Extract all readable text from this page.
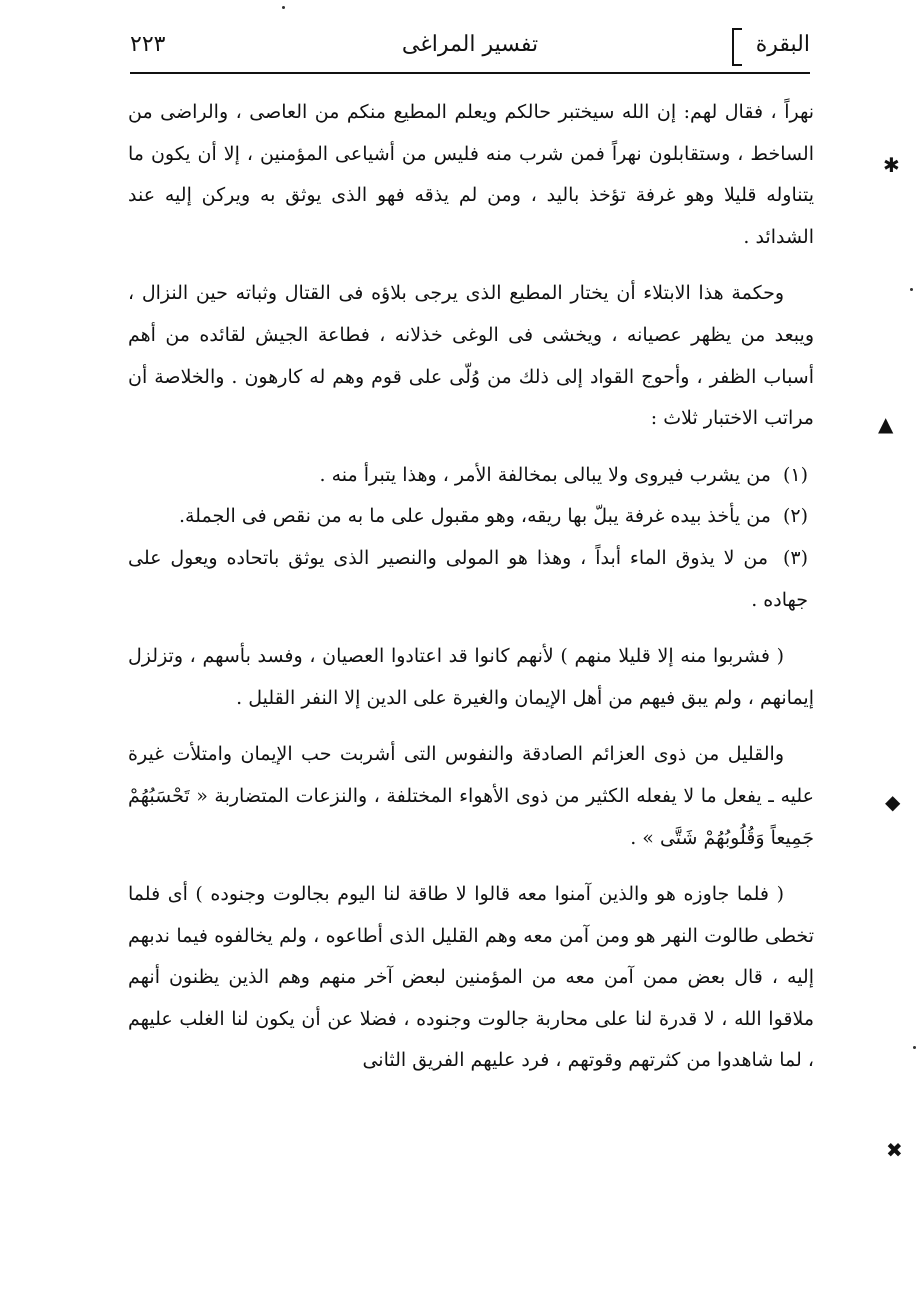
البقرة
تفسير المراغى
٢٢٣

نهراً ، فقال لهم: إن الله سيختبر حالكم ويعلم المطيع منكم من العاصى ، والراضى من الساخط ، وستقابلون نهراً فمن شرب منه فليس من أشياعى المؤمنين ، إلا أن يكون ما يتناوله قليلا وهو غرفة تؤخذ باليد ، ومن لم يذقه فهو الذى يوثق به ويركن إليه عند الشدائد .

وحكمة هذا الابتلاء أن يختار المطيع الذى يرجى بلاؤه فى القتال وثباته حين النزال ، ويبعد من يظهر عصيانه ، ويخشى فى الوغى خذلانه ، فطاعة الجيش لقائده من أهم أسباب الظفر ، وأحوج القواد إلى ذلك من وُلّى على قوم وهم له كارهون . والخلاصة أن مراتب الاختبار ثلاث :

(١) من يشرب فيروى ولا يبالى بمخالفة الأمر ، وهذا يتبرأ منه .

(٢) من يأخذ بيده غرفة يبلّ بها ريقه، وهو مقبول على ما به من نقص فى الجملة.

(٣) من لا يذوق الماء أبداً ، وهذا هو المولى والنصير الذى يوثق باتحاده ويعول على جهاده .

( فشربوا منه إلا قليلا منهم ) لأنهم كانوا قد اعتادوا العصيان ، وفسد بأسهم ، وتزلزل إيمانهم ، ولم يبق فيهم من أهل الإيمان والغيرة على الدين إلا النفر القليل .

والقليل من ذوى العزائم الصادقة والنفوس التى أشربت حب الإيمان وامتلأت غيرة عليه ـ يفعل ما لا يفعله الكثير من ذوى الأهواء المختلفة ، والنزعات المتضاربة « تَحْسَبُهُمْ جَمِيعاً وَقُلُوبُهُمْ شَتَّى » .

( فلما جاوزه هو والذين آمنوا معه قالوا لا طاقة لنا اليوم بجالوت وجنوده ) أى فلما تخطى طالوت النهر هو ومن آمن معه وهم القليل الذى أطاعوه ، ولم يخالفوه فيما ندبهم إليه ، قال بعض ممن آمن معه من المؤمنين لبعض آخر منهم وهم الذين يظنون أنهم ملاقوا الله ، لا قدرة لنا على محاربة جالوت وجنوده ، فضلا عن أن يكون لنا الغلب عليهم ، لما شاهدوا من كثرتهم وقوتهم ، فرد عليهم الفريق الثانى

✱
▲
◆
✖
